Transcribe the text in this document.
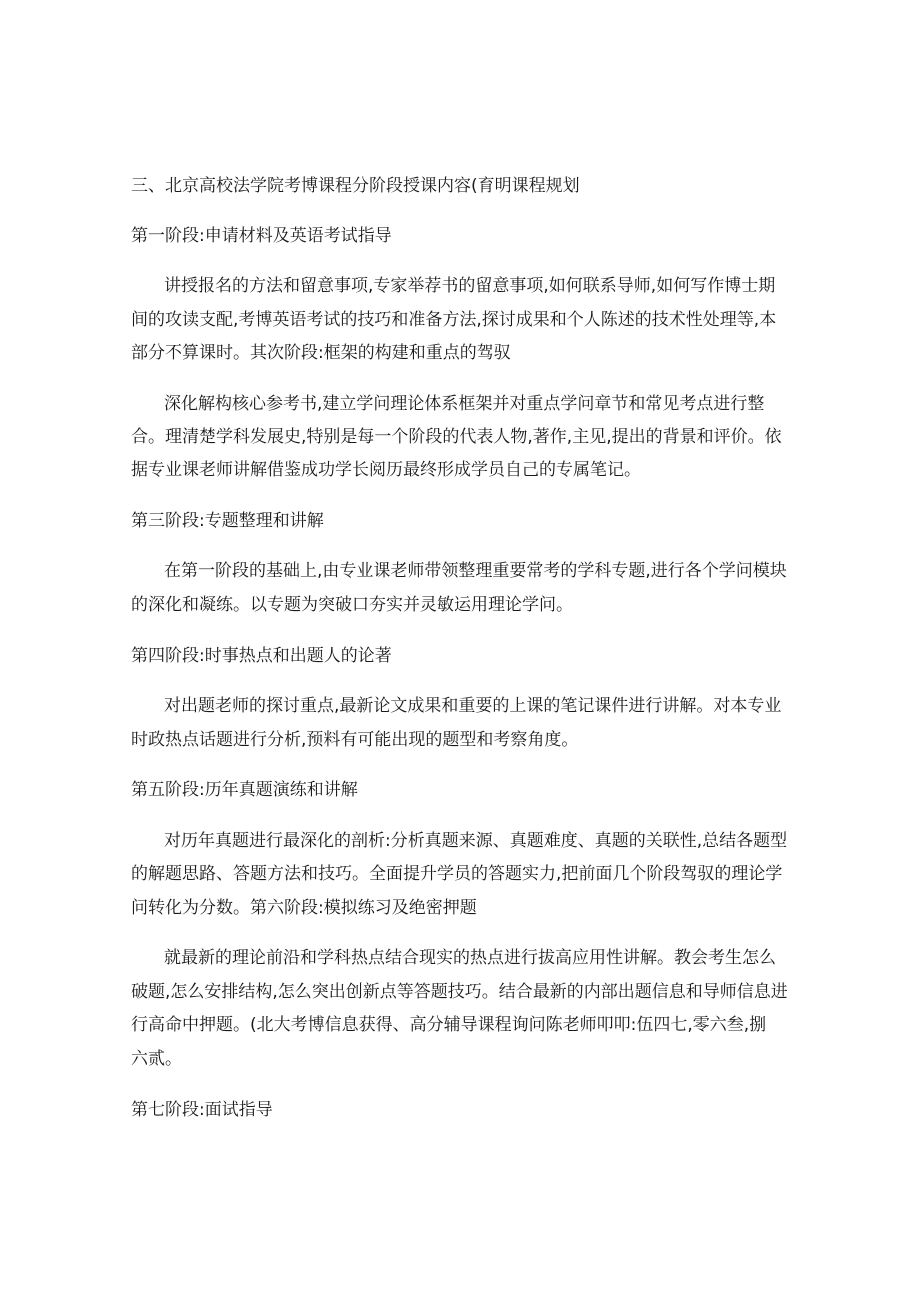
三、北京高校法学院考博课程分阶段授课内容(育明课程规划
第一阶段:申请材料及英语考试指导
讲授报名的方法和留意事项,专家举荐书的留意事项,如何联系导师,如何写作博士期
间的攻读支配,考博英语考试的技巧和准备方法,探讨成果和个人陈述的技术性处理等,本
部分不算课时。其次阶段:框架的构建和重点的驾驭
深化解构核心参考书,建立学问理论体系框架并对重点学问章节和常见考点进行整
合。理清楚学科发展史,特别是每一个阶段的代表人物,著作,主见,提出的背景和评价。依
据专业课老师讲解借鉴成功学长阅历最终形成学员自己的专属笔记。
第三阶段:专题整理和讲解
在第一阶段的基础上,由专业课老师带领整理重要常考的学科专题,进行各个学问模块
的深化和凝练。以专题为突破口夯实并灵敏运用理论学问。
第四阶段:时事热点和出题人的论著
对出题老师的探讨重点,最新论文成果和重要的上课的笔记课件进行讲解。对本专业
时政热点话题进行分析,预料有可能出现的题型和考察角度。
第五阶段:历年真题演练和讲解
对历年真题进行最深化的剖析:分析真题来源、真题难度、真题的关联性,总结各题型
的解题思路、答题方法和技巧。全面提升学员的答题实力,把前面几个阶段驾驭的理论学
问转化为分数。第六阶段:模拟练习及绝密押题
就最新的理论前沿和学科热点结合现实的热点进行拔高应用性讲解。教会考生怎么
破题,怎么安排结构,怎么突出创新点等答题技巧。结合最新的内部出题信息和导师信息进
行高命中押题。(北大考博信息获得、高分辅导课程询问陈老师叩叩:伍四七,零六叁,捌
六贰。
第七阶段:面试指导
